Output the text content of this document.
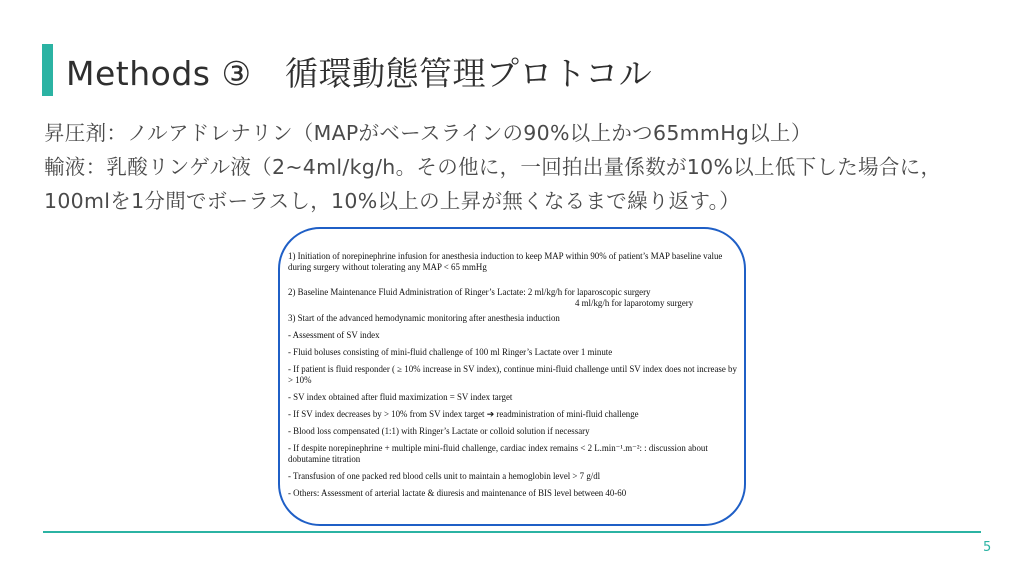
Methods ③　循環動態管理プロトコル
昇圧剤：ノルアドレナリン（MAPがベースラインの90%以上かつ65mmHg以上）
輸液：乳酸リンゲル液（2~4ml/kg/h。その他に，一回拍出量係数が10%以上低下した場合に，
100mlを1分間でボーラスし，10%以上の上昇が無くなるまで繰り返す。）

1) Initiation of norepinephrine infusion for anesthesia induction to keep MAP within 90% of patient’s MAP baseline value during surgery without tolerating any MAP < 65 mmHg

2) Baseline Maintenance Fluid Administration of Ringer’s Lactate: 2 ml/kg/h for laparoscopic surgery
4 ml/kg/h for laparotomy surgery

3) Start of the advanced hemodynamic monitoring after anesthesia induction

- Assessment of SV index

- Fluid boluses consisting of mini-fluid challenge of 100 ml Ringer’s Lactate over 1 minute

- If patient is fluid responder ( ≥ 10% increase in SV index), continue mini-fluid challenge until SV index does not increase by > 10%

- SV index obtained after fluid maximization = SV index target

- If SV index decreases by > 10% from SV index target ➔ readministration of mini-fluid challenge

- Blood loss compensated (1:1) with Ringer’s Lactate or colloid solution if necessary

- If despite norepinephrine + multiple mini-fluid challenge, cardiac index remains < 2 L.min⁻¹.m⁻²: : discussion about dobutamine titration

- Transfusion of one packed red blood cells unit to maintain a hemoglobin level > 7 g/dl

- Others: Assessment of arterial lactate & diuresis and maintenance of BIS level between 40-60

5
